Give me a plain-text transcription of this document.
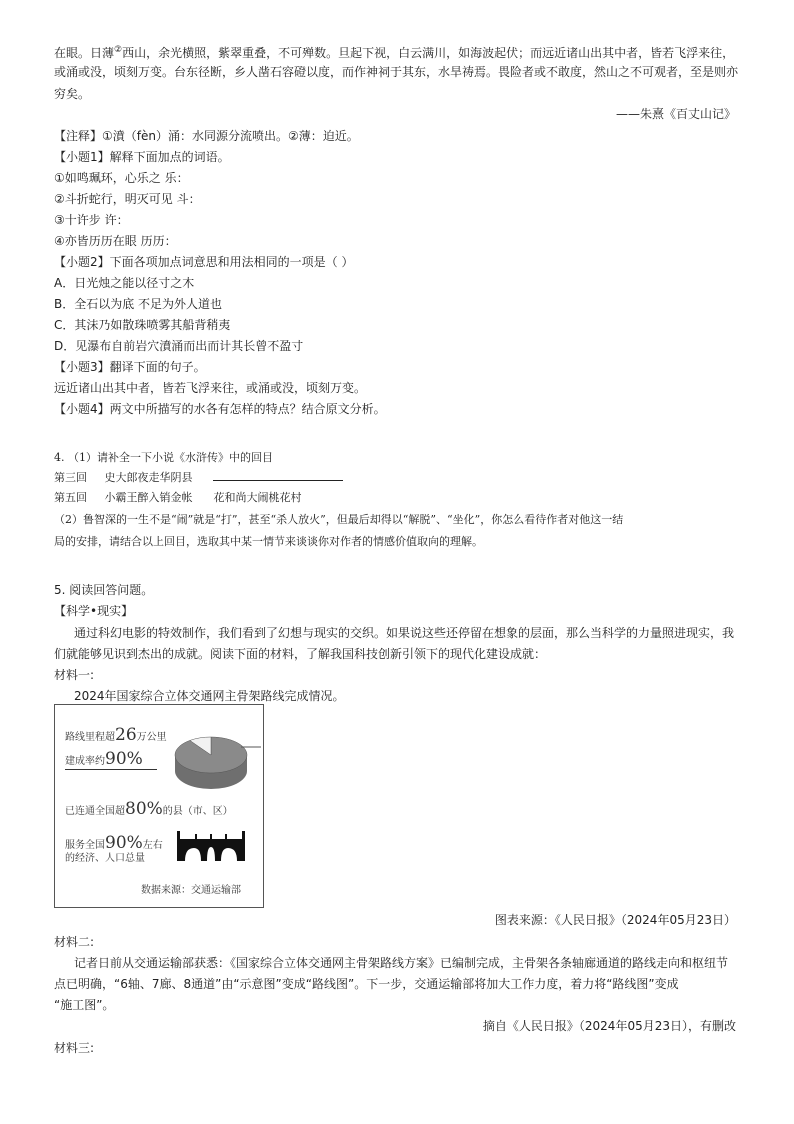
在眼。日薄②西山，余光横照，紫翠重叠，不可殚数。旦起下视，白云满川，如海波起伏；而远近诸山出其中者，皆若飞浮来往，
或涌或没，顷刻万变。台东径断，乡人凿石容磴以度，而作神祠于其东，水旱祷焉。畏险者或不敢度，然山之不可观者，至是则亦
穷矣。
——朱熹《百丈山记》
【注释】①濆（fèn）涌：水同源分流喷出。②薄：迫近。
【小题1】解释下面加点的词语。
①如鸣珮环，心乐之 乐：
②斗折蛇行，明灭可见 斗：
③十许步 许：
④亦皆历历在眼 历历：
【小题2】下面各项加点词意思和用法相同的一项是（ ）
A．日光烛之能以径寸之木
B．全石以为底 不足为外人道也
C．其沫乃如散珠喷雾其船背稍夷
D．见瀑布自前岩穴濆涌而出而计其长曾不盈寸
【小题3】翻译下面的句子。
远近诸山出其中者，皆若飞浮来往，或涌或没，顷刻万变。
【小题4】两文中所描写的水各有怎样的特点？结合原文分析。
4. （1）请补全一下小说《水浒传》中的回目
第三回 史大郎夜走华阴县
第五回 小霸王醉入销金帐 花和尚大闹桃花村
（2）鲁智深的一生不是“闹”就是“打”，甚至“杀人放火”，但最后却得以“解脱”、“坐化”，你怎么看待作者对他这一结
局的安排，请结合以上回目，选取其中某一情节来谈谈你对作者的情感价值取向的理解。
5. 阅读回答问题。
【科学•现实】
通过科幻电影的特效制作，我们看到了幻想与现实的交织。如果说这些还停留在想象的层面，那么当科学的力量照进现实，我
们就能够见识到杰出的成就。阅读下面的材料，了解我国科技创新引领下的现代化建设成就：
材料一:
2024年国家综合立体交通网主骨架路线完成情况。
路线里程超26万公里
建成率约90%
已连通全国超80%的县（市、区）
服务全国90%左右
的经济、人口总量
数据来源：交通运输部
图表来源：《人民日报》（2024年05月23日）
材料二:
记者日前从交通运输部获悉：《国家综合立体交通网主骨架路线方案》已编制完成，主骨架各条轴廊通道的路线走向和枢纽节
点已明确，“6轴、7廊、8通道”由“示意图”变成“路线图”。下一步，交通运输部将加大工作力度，着力将“路线图”变成
“施工图”。
摘自《人民日报》（2024年05月23日），有删改
材料三:
